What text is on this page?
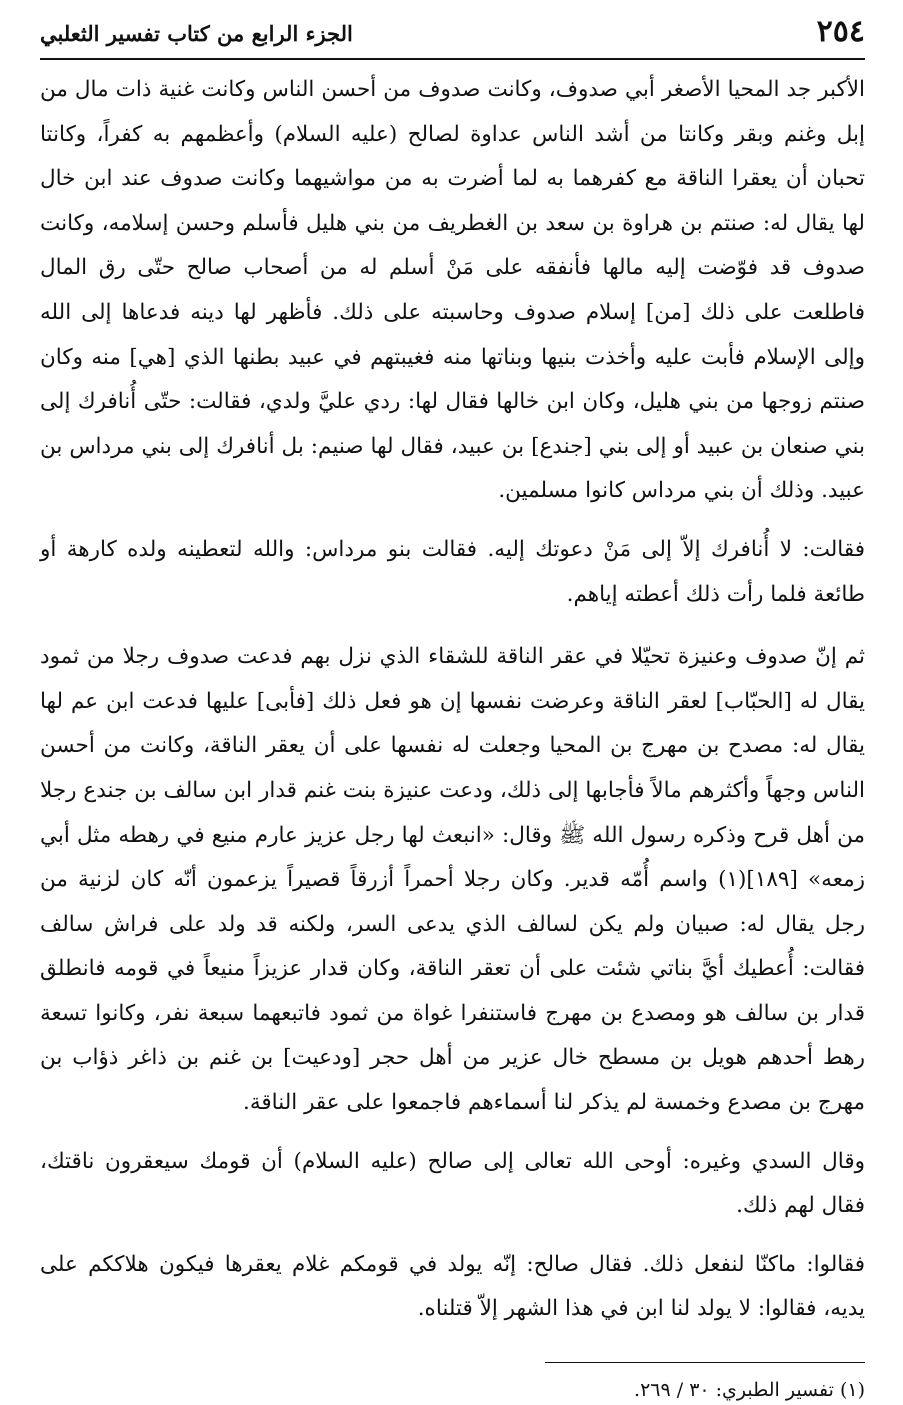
٢٥٤
الجزء الرابع من كتاب تفسير الثعلبي

الأكبر جد المحيا الأصغر أبي صدوف، وكانت صدوف من أحسن الناس وكانت غنية ذات مال من إبل وغنم وبقر وكانتا من أشد الناس عداوة لصالح (عليه السلام) وأعظمهم به كفراً، وكانتا تحبان أن يعقرا الناقة مع كفرهما به لما أضرت به من مواشيهما وكانت صدوف عند ابن خال لها يقال له: صنتم بن هراوة بن سعد بن الغطريف من بني هليل فأسلم وحسن إسلامه، وكانت صدوف قد فوّضت إليه مالها فأنفقه على مَنْ أسلم له من أصحاب صالح حتّى رق المال فاطلعت على ذلك [من] إسلام صدوف وحاسبته على ذلك. فأظهر لها دينه فدعاها إلى الله وإلى الإسلام فأبت عليه وأخذت بنيها وبناتها منه فغيبتهم في عبيد بطنها الذي [هي] منه وكان صنتم زوجها من بني هليل، وكان ابن خالها فقال لها: ردي عليَّ ولدي، فقالت: حتّى أُنافرك إلى بني صنعان بن عبيد أو إلى بني [جندع] بن عبيد، فقال لها صنيم: بل أنافرك إلى بني مرداس بن عبيد. وذلك أن بني مرداس كانوا مسلمين.

فقالت: لا أُنافرك إلاّ إلى مَنْ دعوتك إليه. فقالت بنو مرداس: والله لتعطينه ولده كارهة أو طائعة فلما رأت ذلك أعطته إياهم.

ثم إنّ صدوف وعنيزة تحيّلا في عقر الناقة للشقاء الذي نزل بهم فدعت صدوف رجلا من ثمود يقال له [الحبّاب] لعقر الناقة وعرضت نفسها إن هو فعل ذلك [فأبى] عليها فدعت ابن عم لها يقال له: مصدح بن مهرج بن المحيا وجعلت له نفسها على أن يعقر الناقة، وكانت من أحسن الناس وجهاً وأكثرهم مالاً فأجابها إلى ذلك، ودعت عنيزة بنت غنم قدار ابن سالف بن جندع رجلا من أهل قرح وذكره رسول الله ﷺ وقال: «انبعث لها رجل عزيز عارم منيع في رهطه مثل أبي زمعه» [١٨٩](١) واسم أُمّه قدير. وكان رجلا أحمراً أزرقاً قصيراً يزعمون أنّه كان لزنية من رجل يقال له: صبيان ولم يكن لسالف الذي يدعى السر، ولكنه قد ولد على فراش سالف فقالت: أُعطيك أيَّ بناتي شئت على أن تعقر الناقة، وكان قدار عزيزاً منيعاً في قومه فانطلق قدار بن سالف هو ومصدع بن مهرج فاستنفرا غواة من ثمود فاتبعهما سبعة نفر، وكانوا تسعة رهط أحدهم هويل بن مسطح خال عزير من أهل حجر [ودعيت] بن غنم بن ذاغر ذؤاب بن مهرج بن مصدع وخمسة لم يذكر لنا أسماءهم فاجمعوا على عقر الناقة.

وقال السدي وغيره: أوحى الله تعالى إلى صالح (عليه السلام) أن قومك سيعقرون ناقتك، فقال لهم ذلك.

فقالوا: ماكنّا لنفعل ذلك. فقال صالح: إنّه يولد في قومكم غلام يعقرها فيكون هلاككم على يديه، فقالوا: لا يولد لنا ابن في هذا الشهر إلاّ قتلناه.

(١) تفسير الطبري: ٣٠ / ٢٦٩.
